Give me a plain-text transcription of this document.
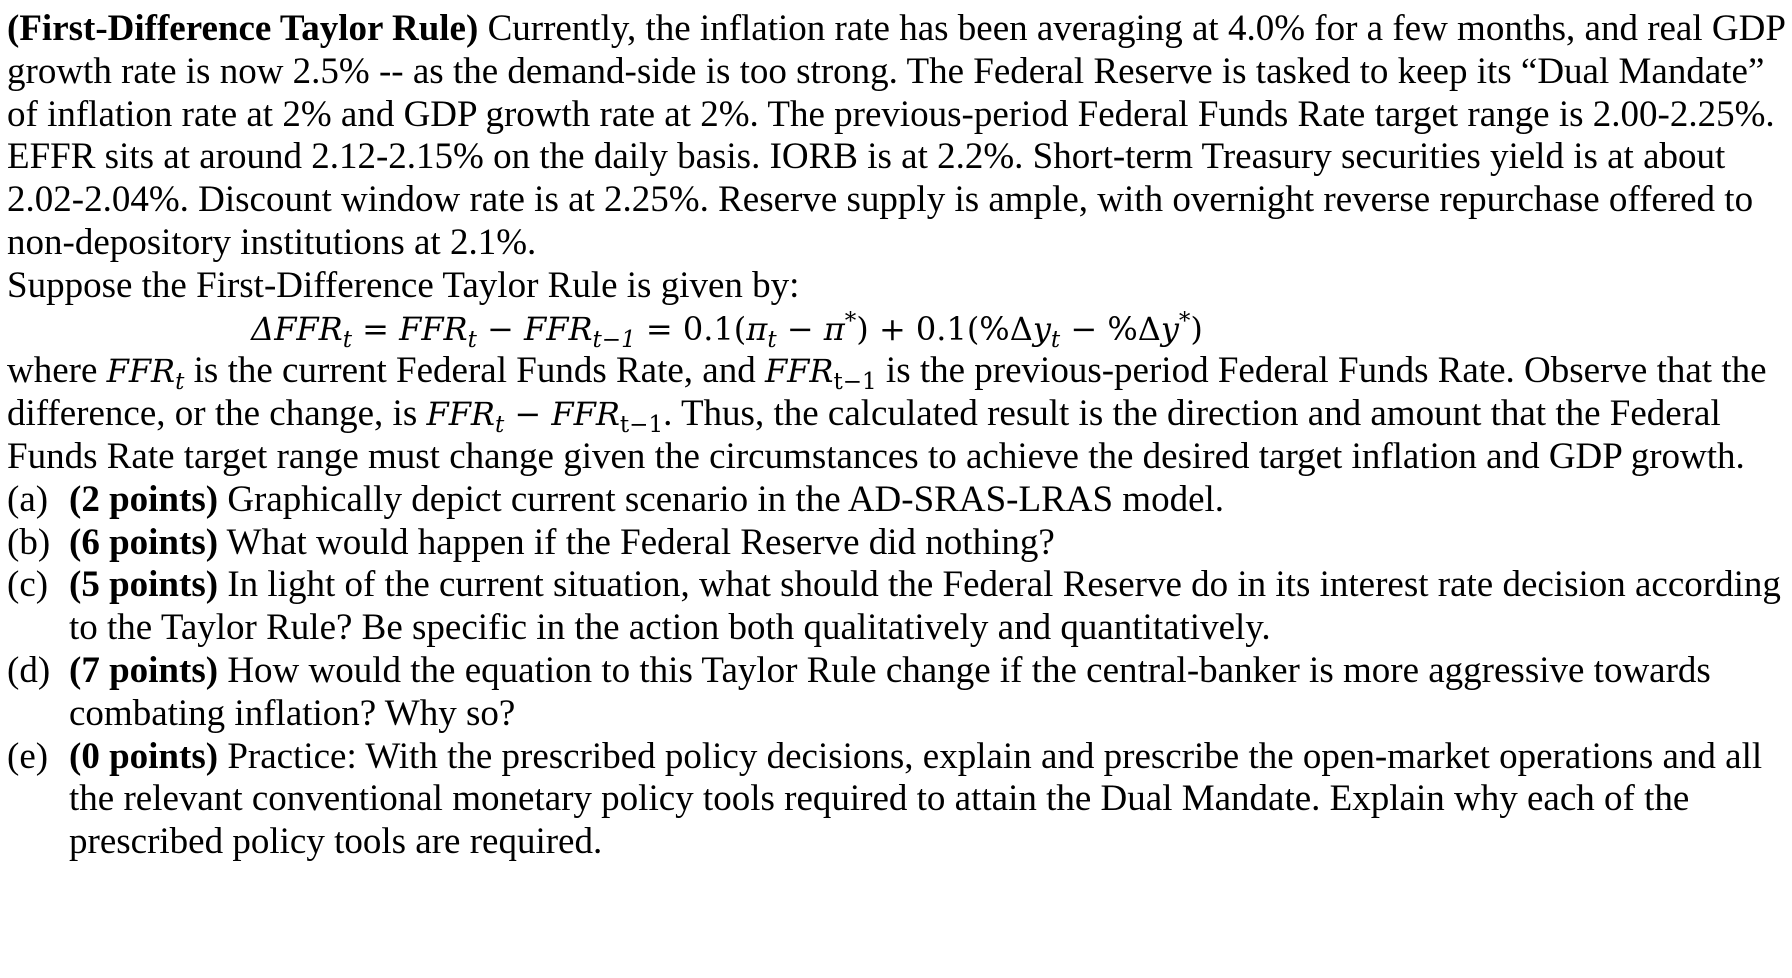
(First-Difference Taylor Rule) Currently, the inflation rate has been averaging at 4.0% for a few months, and real GDP growth rate is now 2.5% -- as the demand-side is too strong. The Federal Reserve is tasked to keep its “Dual Mandate” of inflation rate at 2% and GDP growth rate at 2%. The previous-period Federal Funds Rate target range is 2.00-2.25%. EFFR sits at around 2.12-2.15% on the daily basis. IORB is at 2.2%. Short-term Treasury securities yield is at about 2.02-2.04%. Discount window rate is at 2.25%. Reserve supply is ample, with overnight reverse repurchase offered to non-depository institutions at 2.1%.

Suppose the First-Difference Taylor Rule is given by:

$\Delta FFR_t = FFR_t - FFR_{t-1} = 0.1(\pi_t - \pi^*) + 0.1(\%\Delta y_t - \%\Delta y^*)$

where $FFR_t$ is the current Federal Funds Rate, and $FFR_{t-1}$ is the previous-period Federal Funds Rate. Observe that the difference, or the change, is $FFR_t - FFR_{t-1}$. Thus, the calculated result is the direction and amount that the Federal Funds Rate target range must change given the circumstances to achieve the desired target inflation and GDP growth.

(a) (2 points) Graphically depict current scenario in the AD-SRAS-LRAS model.
(b) (6 points) What would happen if the Federal Reserve did nothing?
(c) (5 points) In light of the current situation, what should the Federal Reserve do in its interest rate decision according to the Taylor Rule? Be specific in the action both qualitatively and quantitatively.
(d) (7 points) How would the equation to this Taylor Rule change if the central-banker is more aggressive towards combating inflation? Why so?
(e) (0 points) Practice: With the prescribed policy decisions, explain and prescribe the open-market operations and all the relevant conventional monetary policy tools required to attain the Dual Mandate. Explain why each of the prescribed policy tools are required.
